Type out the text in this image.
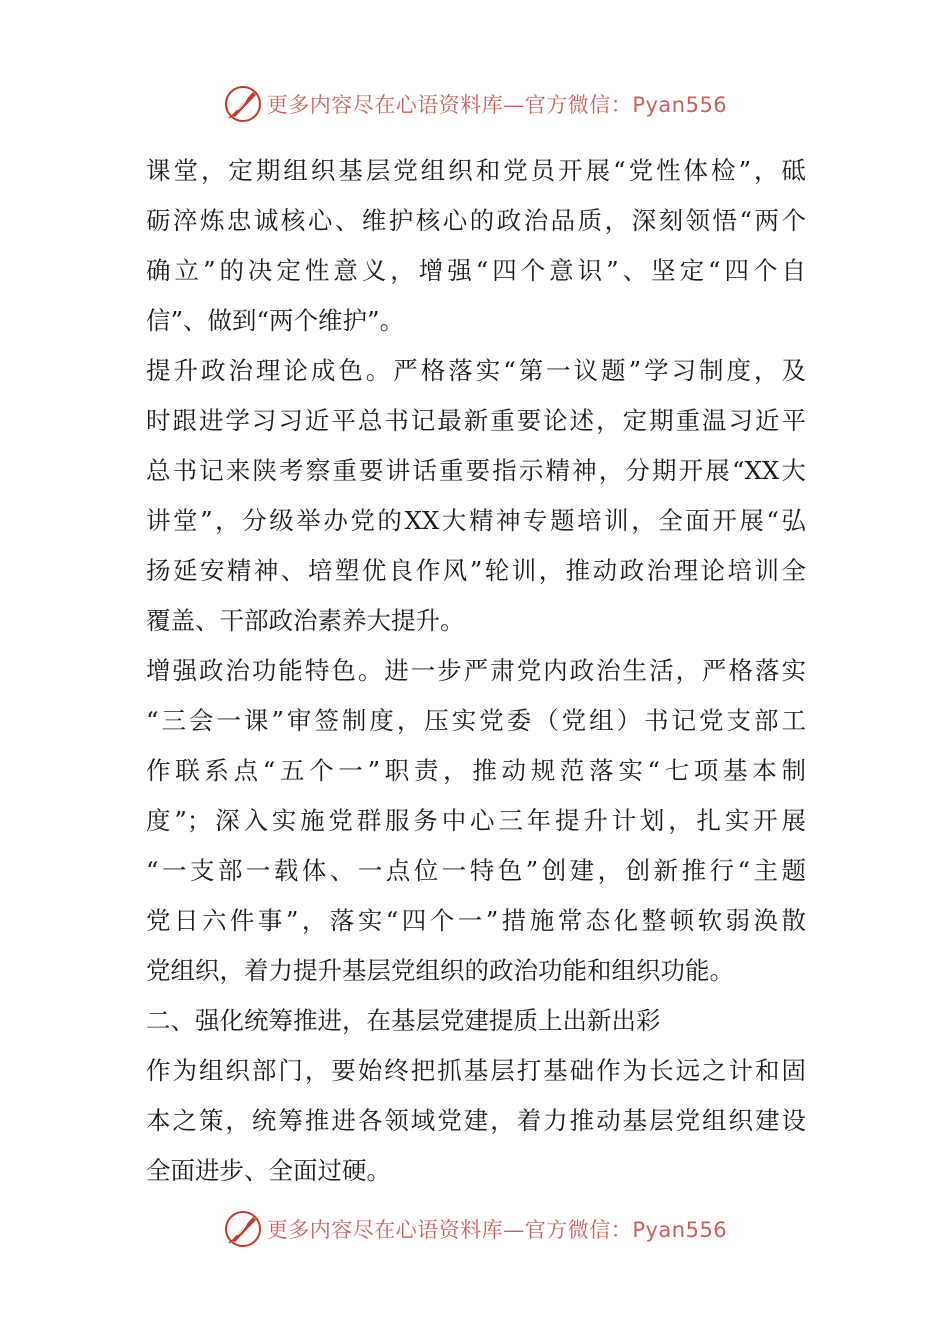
更多内容尽在心语资料库—官方微信：Pyan556
课堂，定期组织基层党组织和党员开展“党性体检”，砥
砺淬炼忠诚核心、维护核心的政治品质，深刻领悟“两个
确立”的决定性意义，增强“四个意识”、坚定“四个自
信”、做到“两个维护”。
提升政治理论成色。严格落实“第一议题”学习制度，及
时跟进学习习近平总书记最新重要论述，定期重温习近平
总书记来陕考察重要讲话重要指示精神，分期开展“XX大
讲堂”，分级举办党的XX大精神专题培训，全面开展“弘
扬延安精神、培塑优良作风”轮训，推动政治理论培训全
覆盖、干部政治素养大提升。
增强政治功能特色。进一步严肃党内政治生活，严格落实
“三会一课”审签制度，压实党委（党组）书记党支部工
作联系点“五个一”职责，推动规范落实“七项基本制
度”；深入实施党群服务中心三年提升计划，扎实开展
“一支部一载体、一点位一特色”创建，创新推行“主题
党日六件事”，落实“四个一”措施常态化整顿软弱涣散
党组织，着力提升基层党组织的政治功能和组织功能。
二、强化统筹推进，在基层党建提质上出新出彩
作为组织部门，要始终把抓基层打基础作为长远之计和固
本之策，统筹推进各领域党建，着力推动基层党组织建设
全面进步、全面过硬。
更多内容尽在心语资料库—官方微信：Pyan556
